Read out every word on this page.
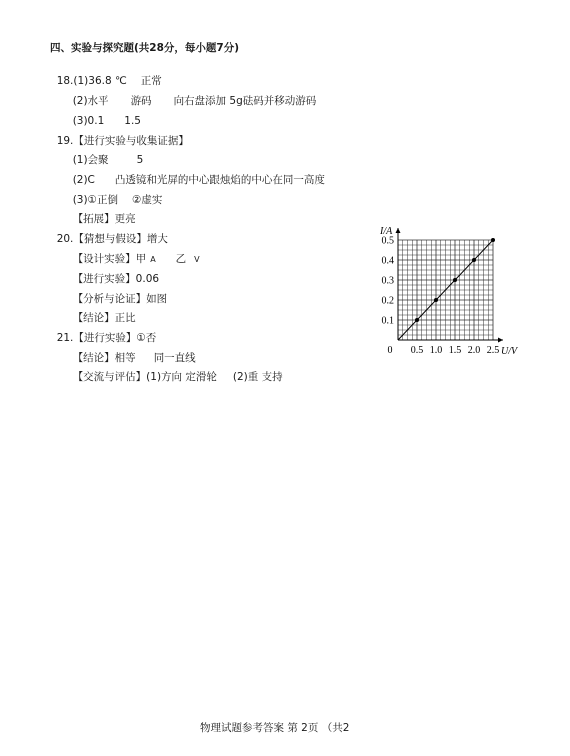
四、实验与探究题(共28分，每小题7分)

18.(1)36.8 ℃ 正常

(2)水平 游码 向右盘添加 5g砝码并移动游码

(3)0.1 1.5

19.【进行实验与收集证据】

(1)会聚	5

(2)C 凸透镜和光屏的中心跟烛焰的中心在同一高度

(3)①正倒 ②虚实

【拓展】更亮

20.【猜想与假设】增大

【设计实验】甲 A 乙 V

【进行实验】0.06

【分析与论证】如图

【结论】正比

21.【进行实验】①否

【结论】相等 同一直线

【交流与评估】(1)方向 定滑轮 (2)重 支持

0 0.5 1.0 1.5 2.0 2.5
0.1
0.2
0.3
0.4
0.5
U/V
I/A
物理试题参考答案 第 2页 （共2
